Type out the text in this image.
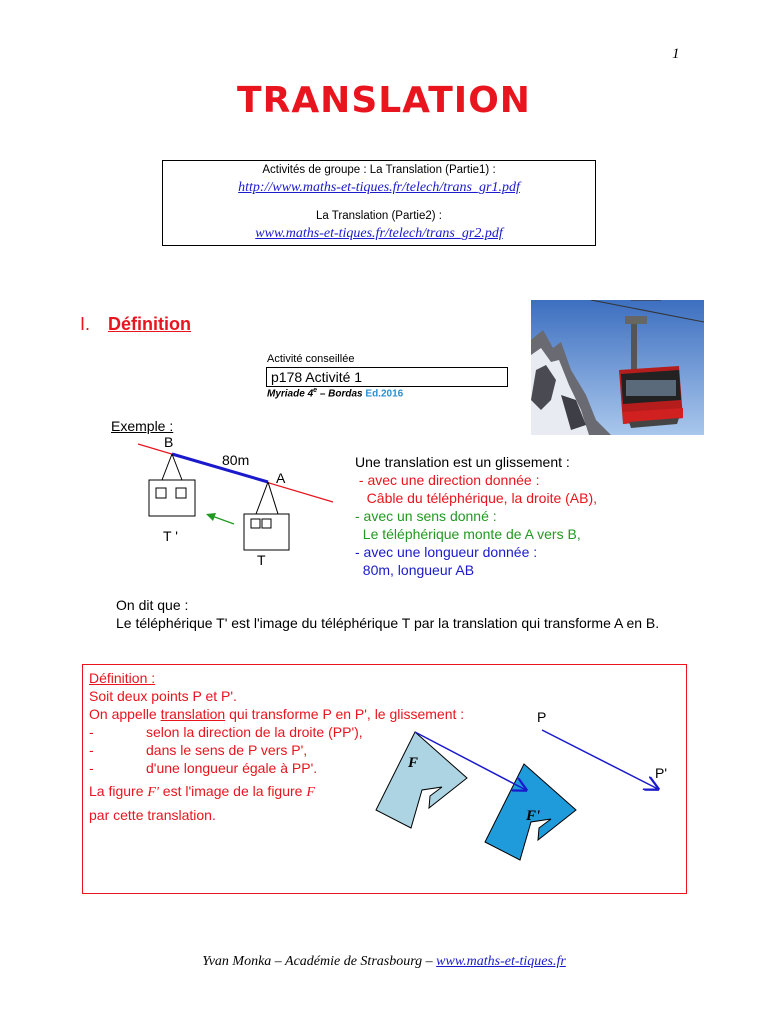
1
TRANSLATION
Activités de groupe : La Translation (Partie1) :
http://www.maths-et-tiques.fr/telech/trans_gr1.pdf
La Translation (Partie2) :
www.maths-et-tiques.fr/telech/trans_gr2.pdf
I. Définition
Activité conseillée
p178 Activité 1
Myriade 4e – Bordas Ed.2016
Exemple :
B
80m
A
T '
T
Une translation est un glissement :
- avec une direction donnée :
Câble du téléphérique, la droite (AB),
- avec un sens donné :
Le téléphérique monte de A vers B,
- avec une longueur donnée :
80m, longueur AB
On dit que :
Le téléphérique T' est l'image du téléphérique T par la translation qui transforme A en B.
Définition :
Soit deux points P et P'.
On appelle translation qui transforme P en P', le glissement :
-	selon la direction de la droite (PP'),
-	dans le sens de P vers P',
-	d'une longueur égale à PP'.
La figure F' est l'image de la figure F
par cette translation.
F
F'
P
P'
Yvan Monka – Académie de Strasbourg – www.maths-et-tiques.fr
